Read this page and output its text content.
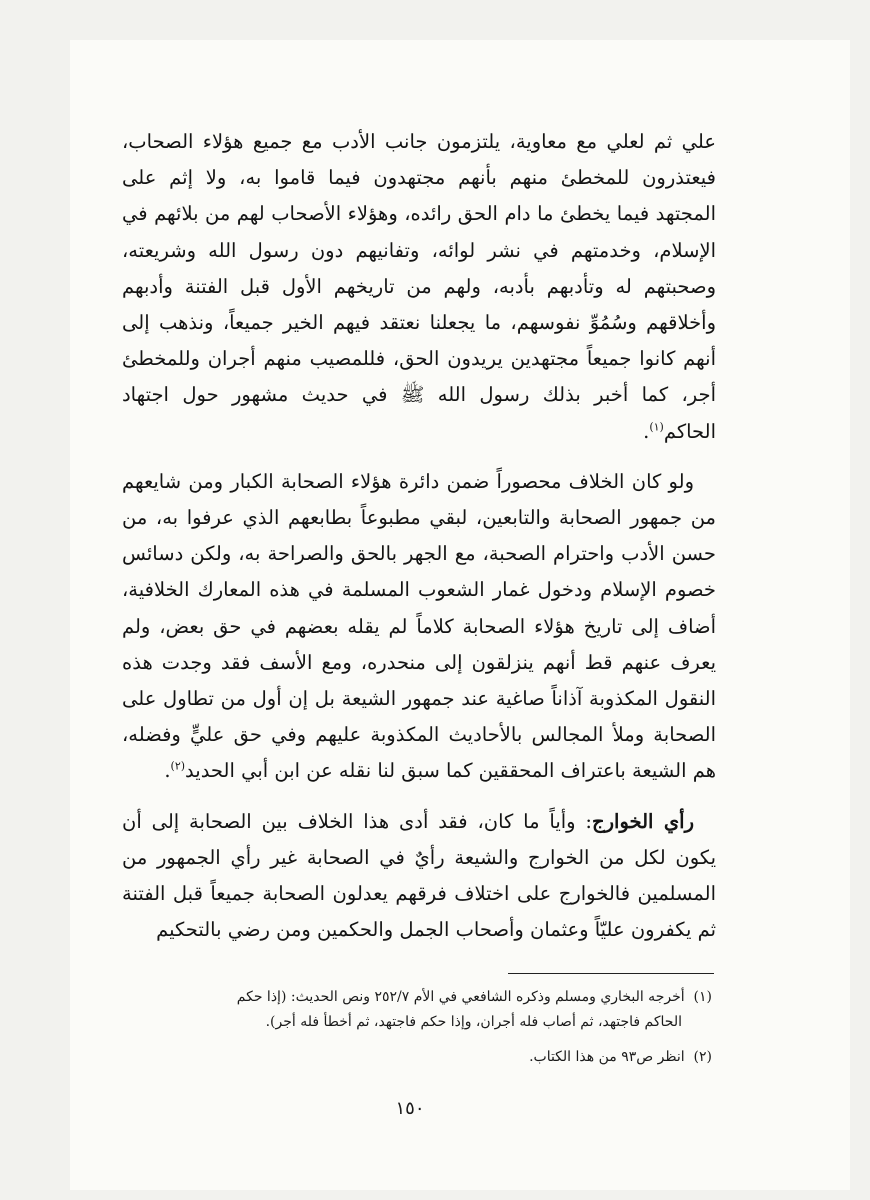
علي ثم لعلي مع معاوية، يلتزمون جانب الأدب مع جميع هؤلاء الصحاب، فيعتذرون للمخطئ منهم بأنهم مجتهدون فيما قاموا به، ولا إثم على المجتهد فيما يخطئ ما دام الحق رائده، وهؤلاء الأصحاب لهم من بلائهم في الإسلام، وخدمتهم في نشر لوائه، وتفانيهم دون رسول الله وشريعته، وصحبتهم له وتأدبهم بأدبه، ولهم من تاريخهم الأول قبل الفتنة وأدبهم وأخلاقهم وسُمُوِّ نفوسهم، ما يجعلنا نعتقد فيهم الخير جميعاً، ونذهب إلى أنهم كانوا جميعاً مجتهدين يريدون الحق، فللمصيب منهم أجران وللمخطئ أجر، كما أخبر بذلك رسول الله ﷺ في حديث مشهور حول اجتهاد الحاكم$^{(١)}$.

ولو كان الخلاف محصوراً ضمن دائرة هؤلاء الصحابة الكبار ومن شايعهم من جمهور الصحابة والتابعين، لبقي مطبوعاً بطابعهم الذي عرفوا به، من حسن الأدب واحترام الصحبة، مع الجهر بالحق والصراحة به، ولكن دسائس خصوم الإسلام ودخول غمار الشعوب المسلمة في هذه المعارك الخلافية، أضاف إلى تاريخ هؤلاء الصحابة كلاماً لم يقله بعضهم في حق بعض، ولم يعرف عنهم قط أنهم ينزلقون إلى منحدره، ومع الأسف فقد وجدت هذه النقول المكذوبة آذاناً صاغية عند جمهور الشيعة بل إن أول من تطاول على الصحابة وملأ المجالس بالأحاديث المكذوبة عليهم وفي حق عليٍّ وفضله، هم الشيعة باعتراف المحققين كما سبق لنا نقله عن ابن أبي الحديد$^{(٢)}$.

رأي الخوارج: وأياً ما كان، فقد أدى هذا الخلاف بين الصحابة إلى أن يكون لكل من الخوارج والشيعة رأيٌ في الصحابة غير رأي الجمهور من المسلمين فالخوارج على اختلاف فرقهم يعدلون الصحابة جميعاً قبل الفتنة ثم يكفرون عليّاً وعثمان وأصحاب الجمل والحكمين ومن رضي بالتحكيم

(١)  أخرجه البخاري ومسلم وذكره الشافعي في الأم ٢٥٢/٧ ونص الحديث: (إذا حكم
الحاكم فاجتهد، ثم أصاب فله أجران، وإذا حكم فاجتهد، ثم أخطأ فله أجر).

(٢)  انظر ص٩٣ من هذا الكتاب.

١٥٠
